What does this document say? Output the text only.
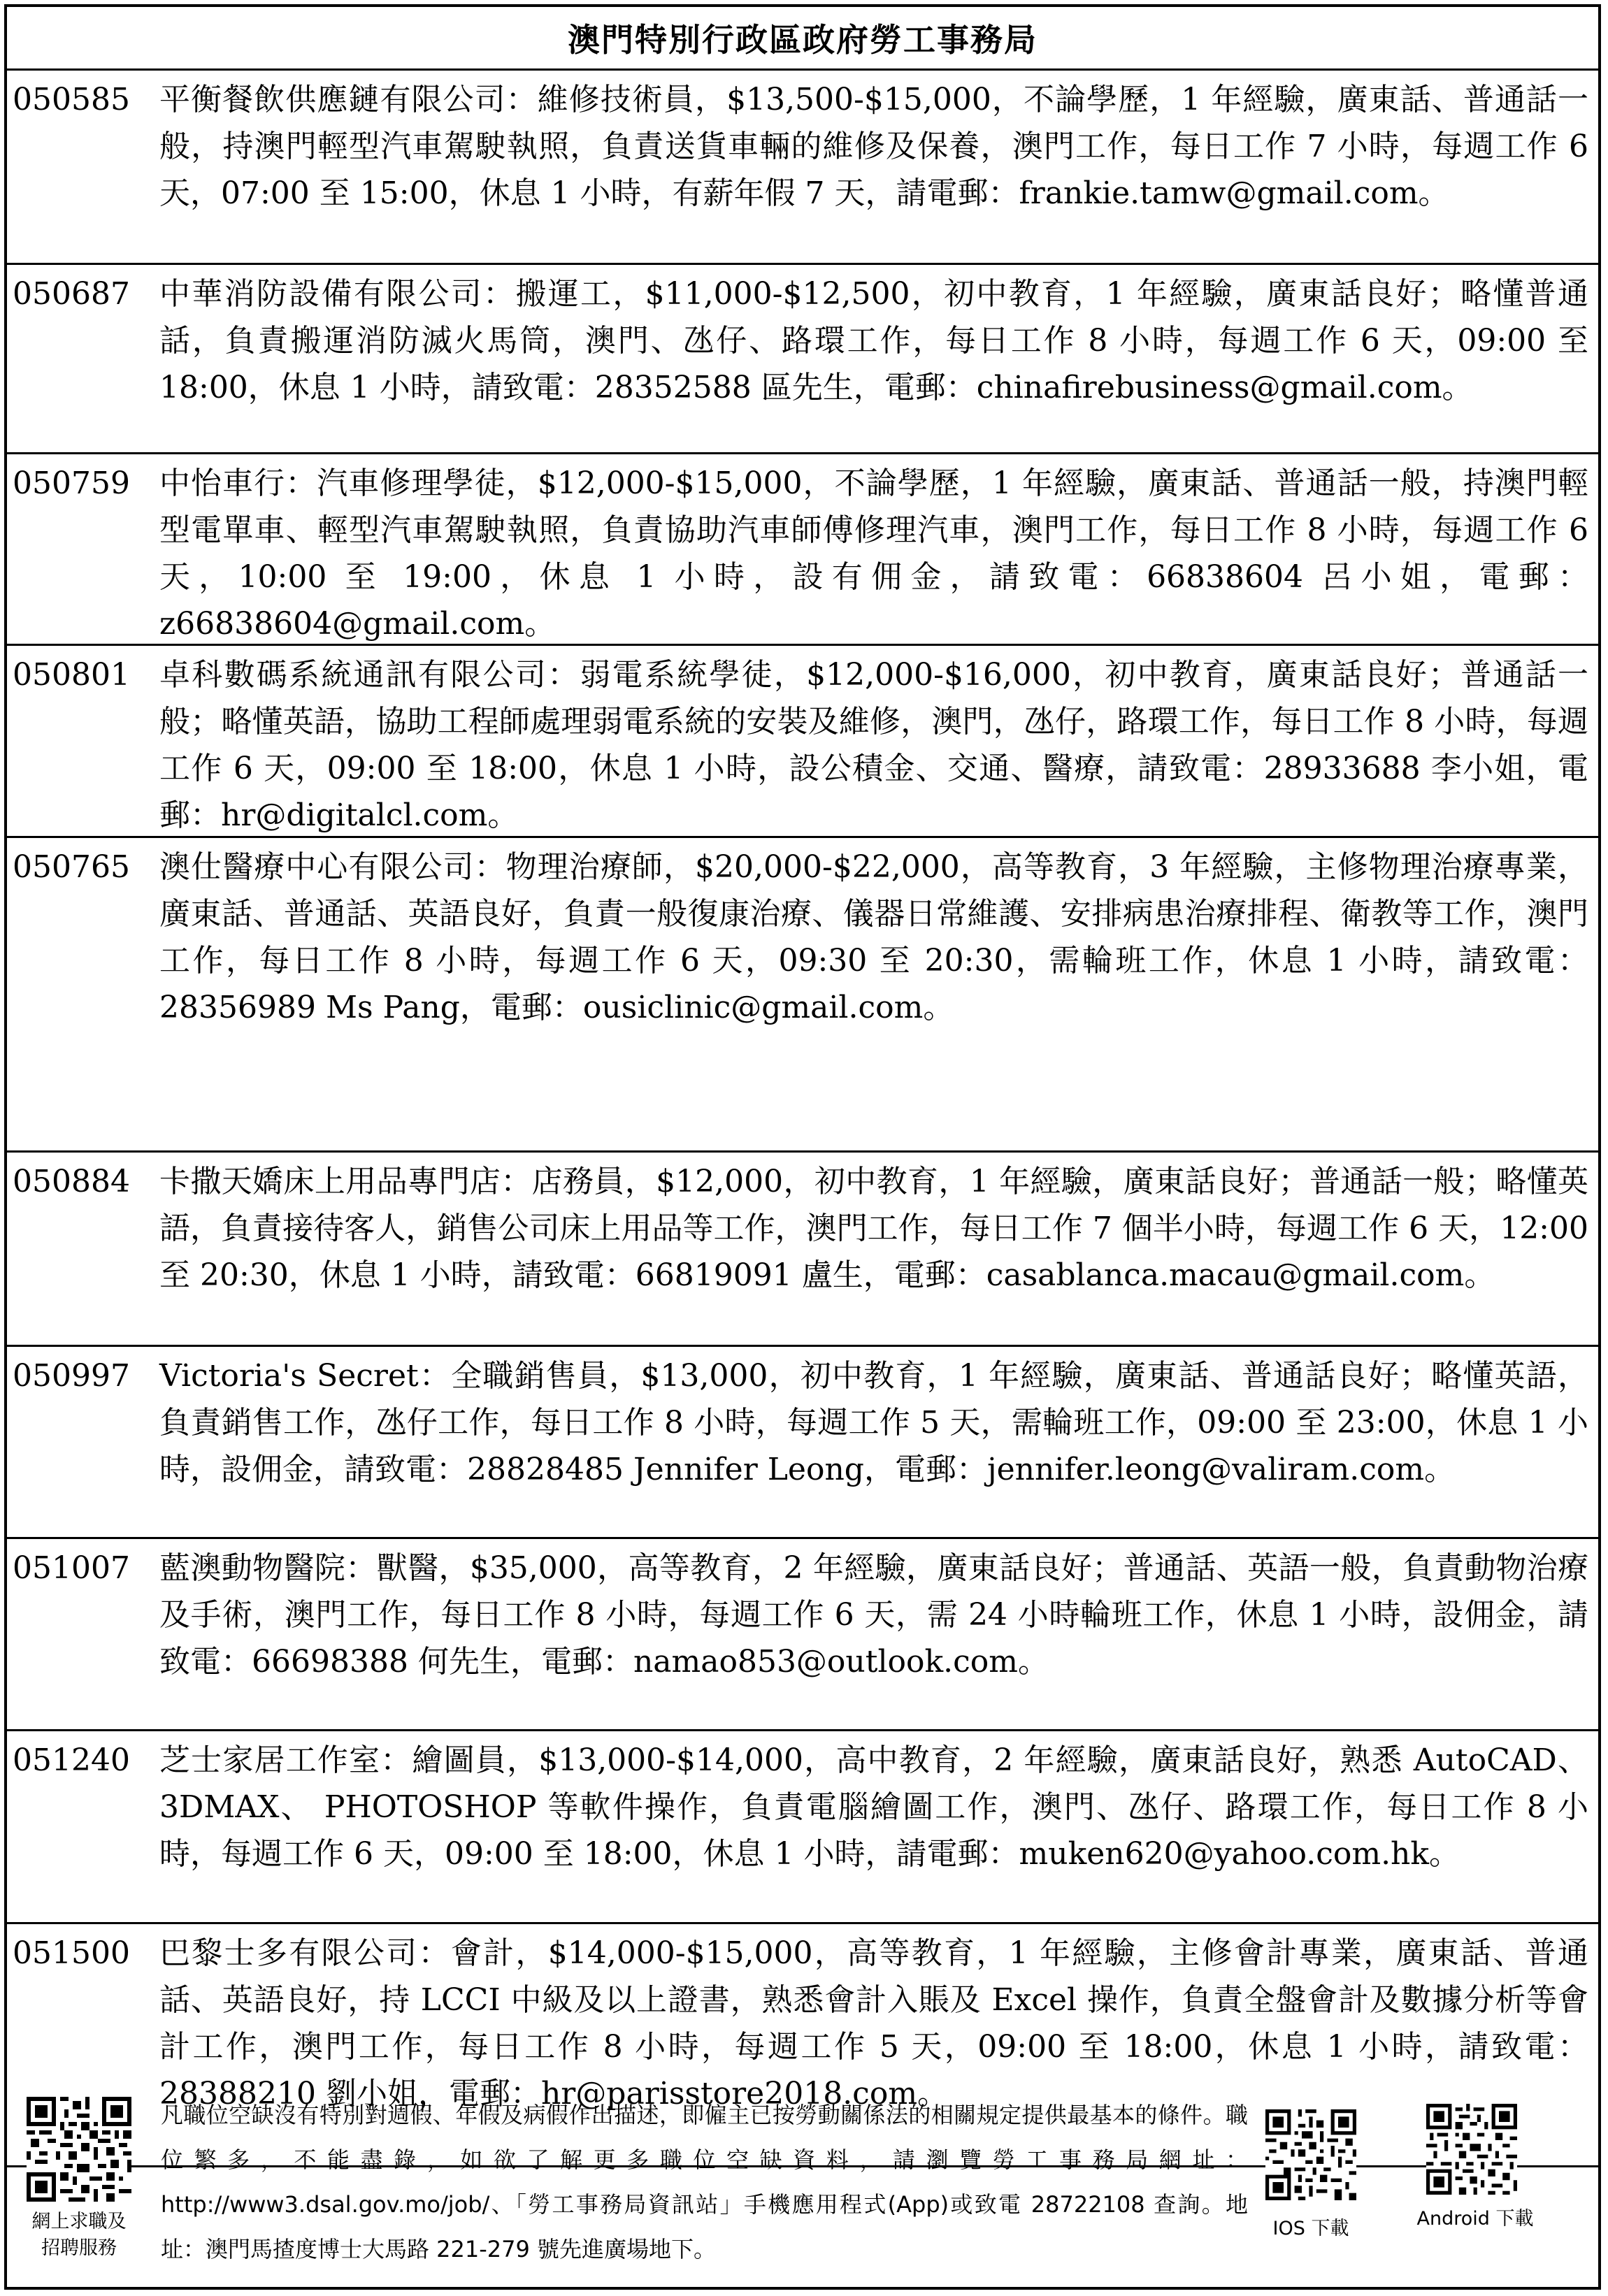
澳門特別行政區政府勞工事務局
050585 平衡餐飲供應鏈有限公司：維修技術員，$13,500-$15,000，不論學歷，1 年經驗，廣東話、普通話一般，持澳門輕型汽車駕駛執照，負責送貨車輛的維修及保養，澳門工作，每日工作 7 小時，每週工作 6 天，07:00 至 15:00，休息 1 小時，有薪年假 7 天，請電郵：frankie.tamw@gmail.com。
050687 中華消防設備有限公司：搬運工，$11,000-$12,500，初中教育，1 年經驗，廣東話良好；略懂普通話，負責搬運消防滅火馬筒，澳門、氹仔、路環工作，每日工作 8 小時，每週工作 6 天，09:00 至 18:00，休息 1 小時，請致電：28352588 區先生，電郵：chinafirebusiness@gmail.com。
050759 中怡車行：汽車修理學徒，$12,000-$15,000，不論學歷，1 年經驗，廣東話、普通話一般，持澳門輕型電單車、輕型汽車駕駛執照，負責協助汽車師傅修理汽車，澳門工作，每日工作 8 小時，每週工作 6 天，10:00 至 19:00，休息 1 小時，設有佣金，請致電：66838604 呂小姐，電郵：z66838604@gmail.com。
050801 卓科數碼系統通訊有限公司：弱電系統學徒，$12,000-$16,000，初中教育，廣東話良好；普通話一般；略懂英語，協助工程師處理弱電系統的安裝及維修，澳門，氹仔，路環工作，每日工作 8 小時，每週工作 6 天，09:00 至 18:00，休息 1 小時，設公積金、交通、醫療，請致電：28933688 李小姐，電郵：hr@digitalcl.com。
050765 澳仕醫療中心有限公司：物理治療師，$20,000-$22,000，高等教育，3 年經驗，主修物理治療專業，廣東話、普通話、英語良好，負責一般復康治療、儀器日常維護、安排病患治療排程、衛教等工作，澳門工作，每日工作 8 小時，每週工作 6 天，09:30 至 20:30，需輪班工作，休息 1 小時，請致電：28356989 Ms Pang，電郵：ousiclinic@gmail.com。
050884 卡撒天嬌床上用品專門店：店務員，$12,000，初中教育，1 年經驗，廣東話良好；普通話一般；略懂英語，負責接待客人，銷售公司床上用品等工作，澳門工作，每日工作 7 個半小時，每週工作 6 天，12:00 至 20:30，休息 1 小時，請致電：66819091 盧生，電郵：casablanca.macau@gmail.com。
050997 Victoria's Secret：全職銷售員，$13,000，初中教育，1 年經驗，廣東話、普通話良好；略懂英語，負責銷售工作，氹仔工作，每日工作 8 小時，每週工作 5 天，需輪班工作，09:00 至 23:00，休息 1 小時，設佣金，請致電：28828485 Jennifer Leong，電郵：jennifer.leong@valiram.com。
051007 藍澳動物醫院：獸醫，$35,000，高等教育，2 年經驗，廣東話良好；普通話、英語一般，負責動物治療及手術，澳門工作，每日工作 8 小時，每週工作 6 天，需 24 小時輪班工作，休息 1 小時，設佣金，請致電：66698388 何先生，電郵：namao853@outlook.com。
051240 芝士家居工作室：繪圖員，$13,000-$14,000，高中教育，2 年經驗，廣東話良好，熟悉 AutoCAD、 3DMAX、 PHOTOSHOP 等軟件操作，負責電腦繪圖工作，澳門、氹仔、路環工作，每日工作 8 小時，每週工作 6 天，09:00 至 18:00，休息 1 小時，請電郵：muken620@yahoo.com.hk。
051500 巴黎士多有限公司：會計，$14,000-$15,000，高等教育，1 年經驗，主修會計專業，廣東話、普通話、英語良好，持 LCCI 中級及以上證書，熟悉會計入賬及 Excel 操作，負責全盤會計及數據分析等會計工作，澳門工作，每日工作 8 小時，每週工作 5 天，09:00 至 18:00，休息 1 小時，請致電：28388210 劉小姐，電郵：hr@parisstore2018.com。
網上求職及
招聘服務
凡職位空缺沒有特別對週假、年假及病假作出描述，即僱主已按勞動關係法的相關規定提供最基本的條件。職位繁多，不能盡錄，如欲了解更多職位空缺資料，請瀏覽勞工事務局網址：http://www3.dsal.gov.mo/job/、「勞工事務局資訊站」手機應用程式(App)或致電 28722108 查詢。地址：澳門馬揸度博士大馬路 221-279 號先進廣場地下。
IOS 下載	Android 下載
